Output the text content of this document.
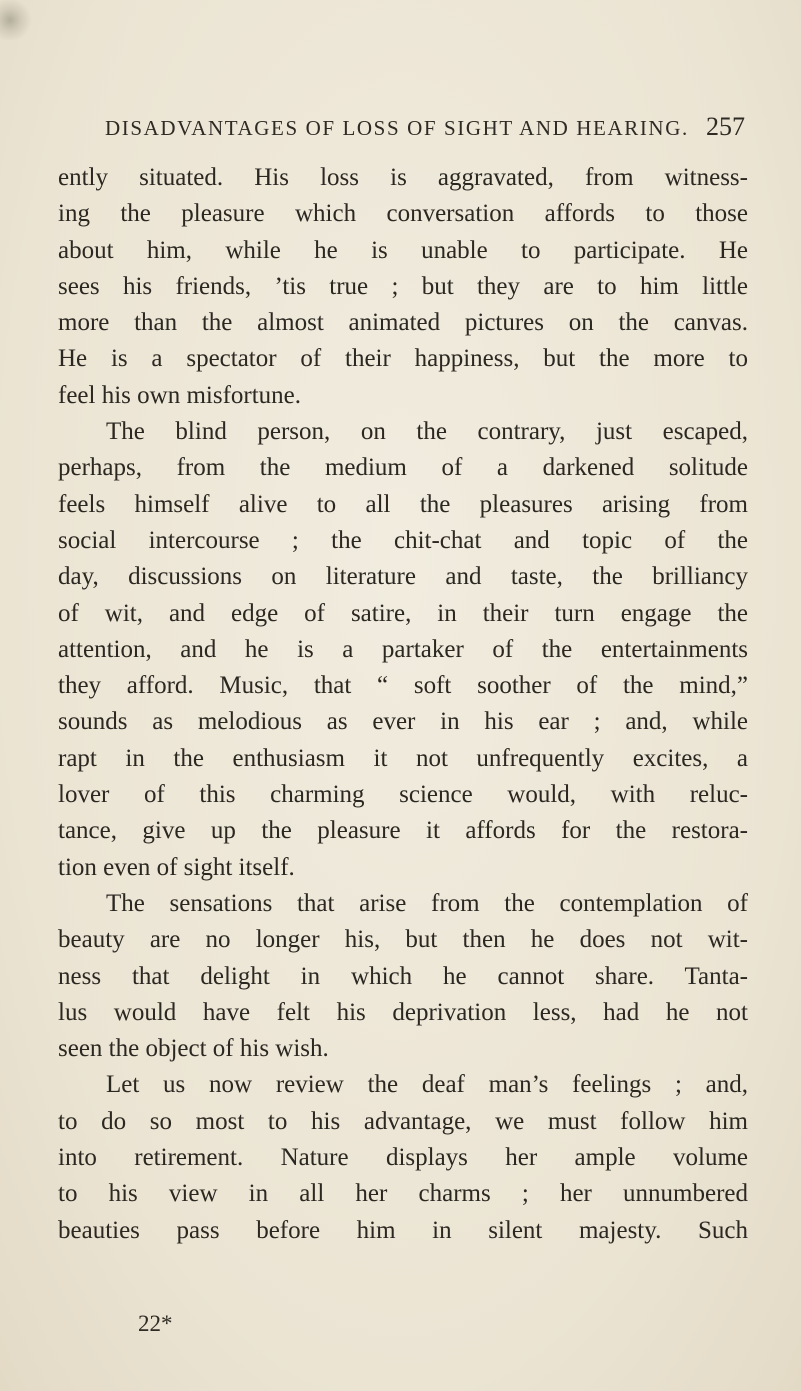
DISADVANTAGES OF LOSS OF SIGHT AND HEARING. 257
ently situated. His loss is aggravated, from witness-
ing the pleasure which conversation affords to those
about him, while he is unable to participate. He
sees his friends, ’tis true ; but they are to him little
more than the almost animated pictures on the canvas.
He is a spectator of their happiness, but the more to
feel his own misfortune.
The blind person, on the contrary, just escaped,
perhaps, from the medium of a darkened solitude
feels himself alive to all the pleasures arising from
social intercourse ; the chit-chat and topic of the
day, discussions on literature and taste, the brilliancy
of wit, and edge of satire, in their turn engage the
attention, and he is a partaker of the entertainments
they afford. Music, that “ soft soother of the mind,”
sounds as melodious as ever in his ear ; and, while
rapt in the enthusiasm it not unfrequently excites, a
lover of this charming science would, with reluc-
tance, give up the pleasure it affords for the restora-
tion even of sight itself.
The sensations that arise from the contemplation of
beauty are no longer his, but then he does not wit-
ness that delight in which he cannot share. Tanta-
lus would have felt his deprivation less, had he not
seen the object of his wish.
Let us now review the deaf man’s feelings ; and,
to do so most to his advantage, we must follow him
into retirement. Nature displays her ample volume
to his view in all her charms ; her unnumbered
beauties pass before him in silent majesty. Such
22*
